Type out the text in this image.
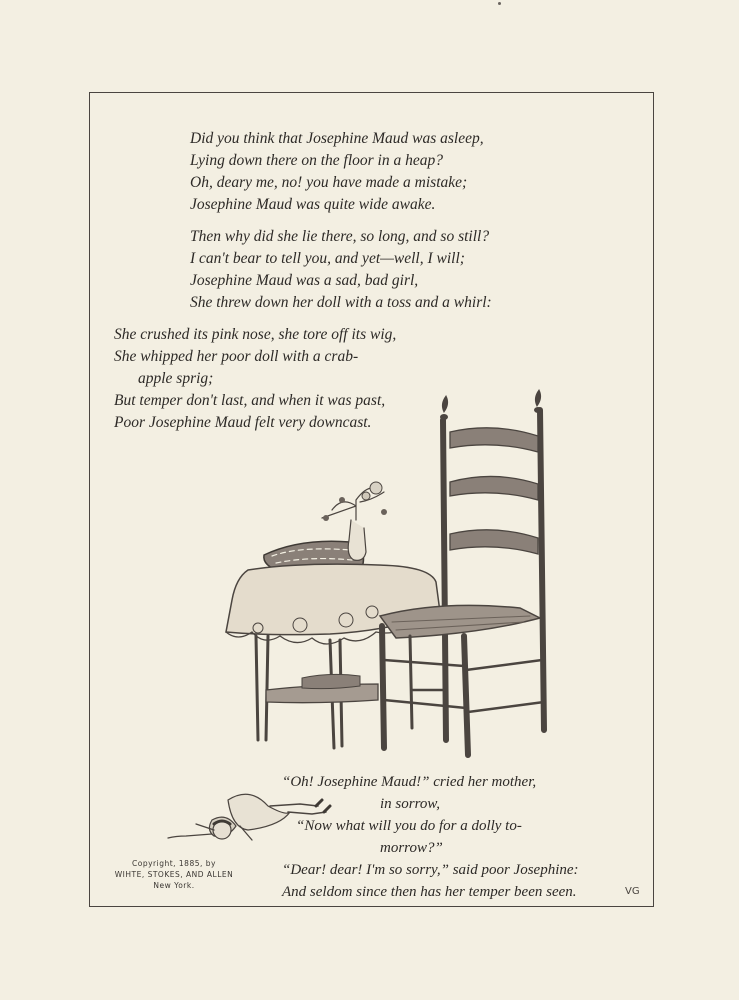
Did you think that Josephine Maud was asleep,
Lying down there on the floor in a heap?
Oh, deary me, no! you have made a mistake;
Josephine Maud was quite wide awake.
Then why did she lie there, so long, and so still?
I can't bear to tell you, and yet—well, I will;
Josephine Maud was a sad, bad girl,
She threw down her doll with a toss and a whirl:
She crushed its pink nose, she tore off its wig,
She whipped her poor doll with a crab-
apple sprig;
But temper don't last, and when it was past,
Poor Josephine Maud felt very downcast.
“Oh! Josephine Maud!” cried her mother,
in sorrow,
“Now what will you do for a dolly to-
morrow?”
“Dear! dear! I'm so sorry,” said poor Josephine:
And seldom since then has her temper been seen.
Copyright, 1885, by
WIHTE, STOKES, AND ALLEN
New York.
VG
